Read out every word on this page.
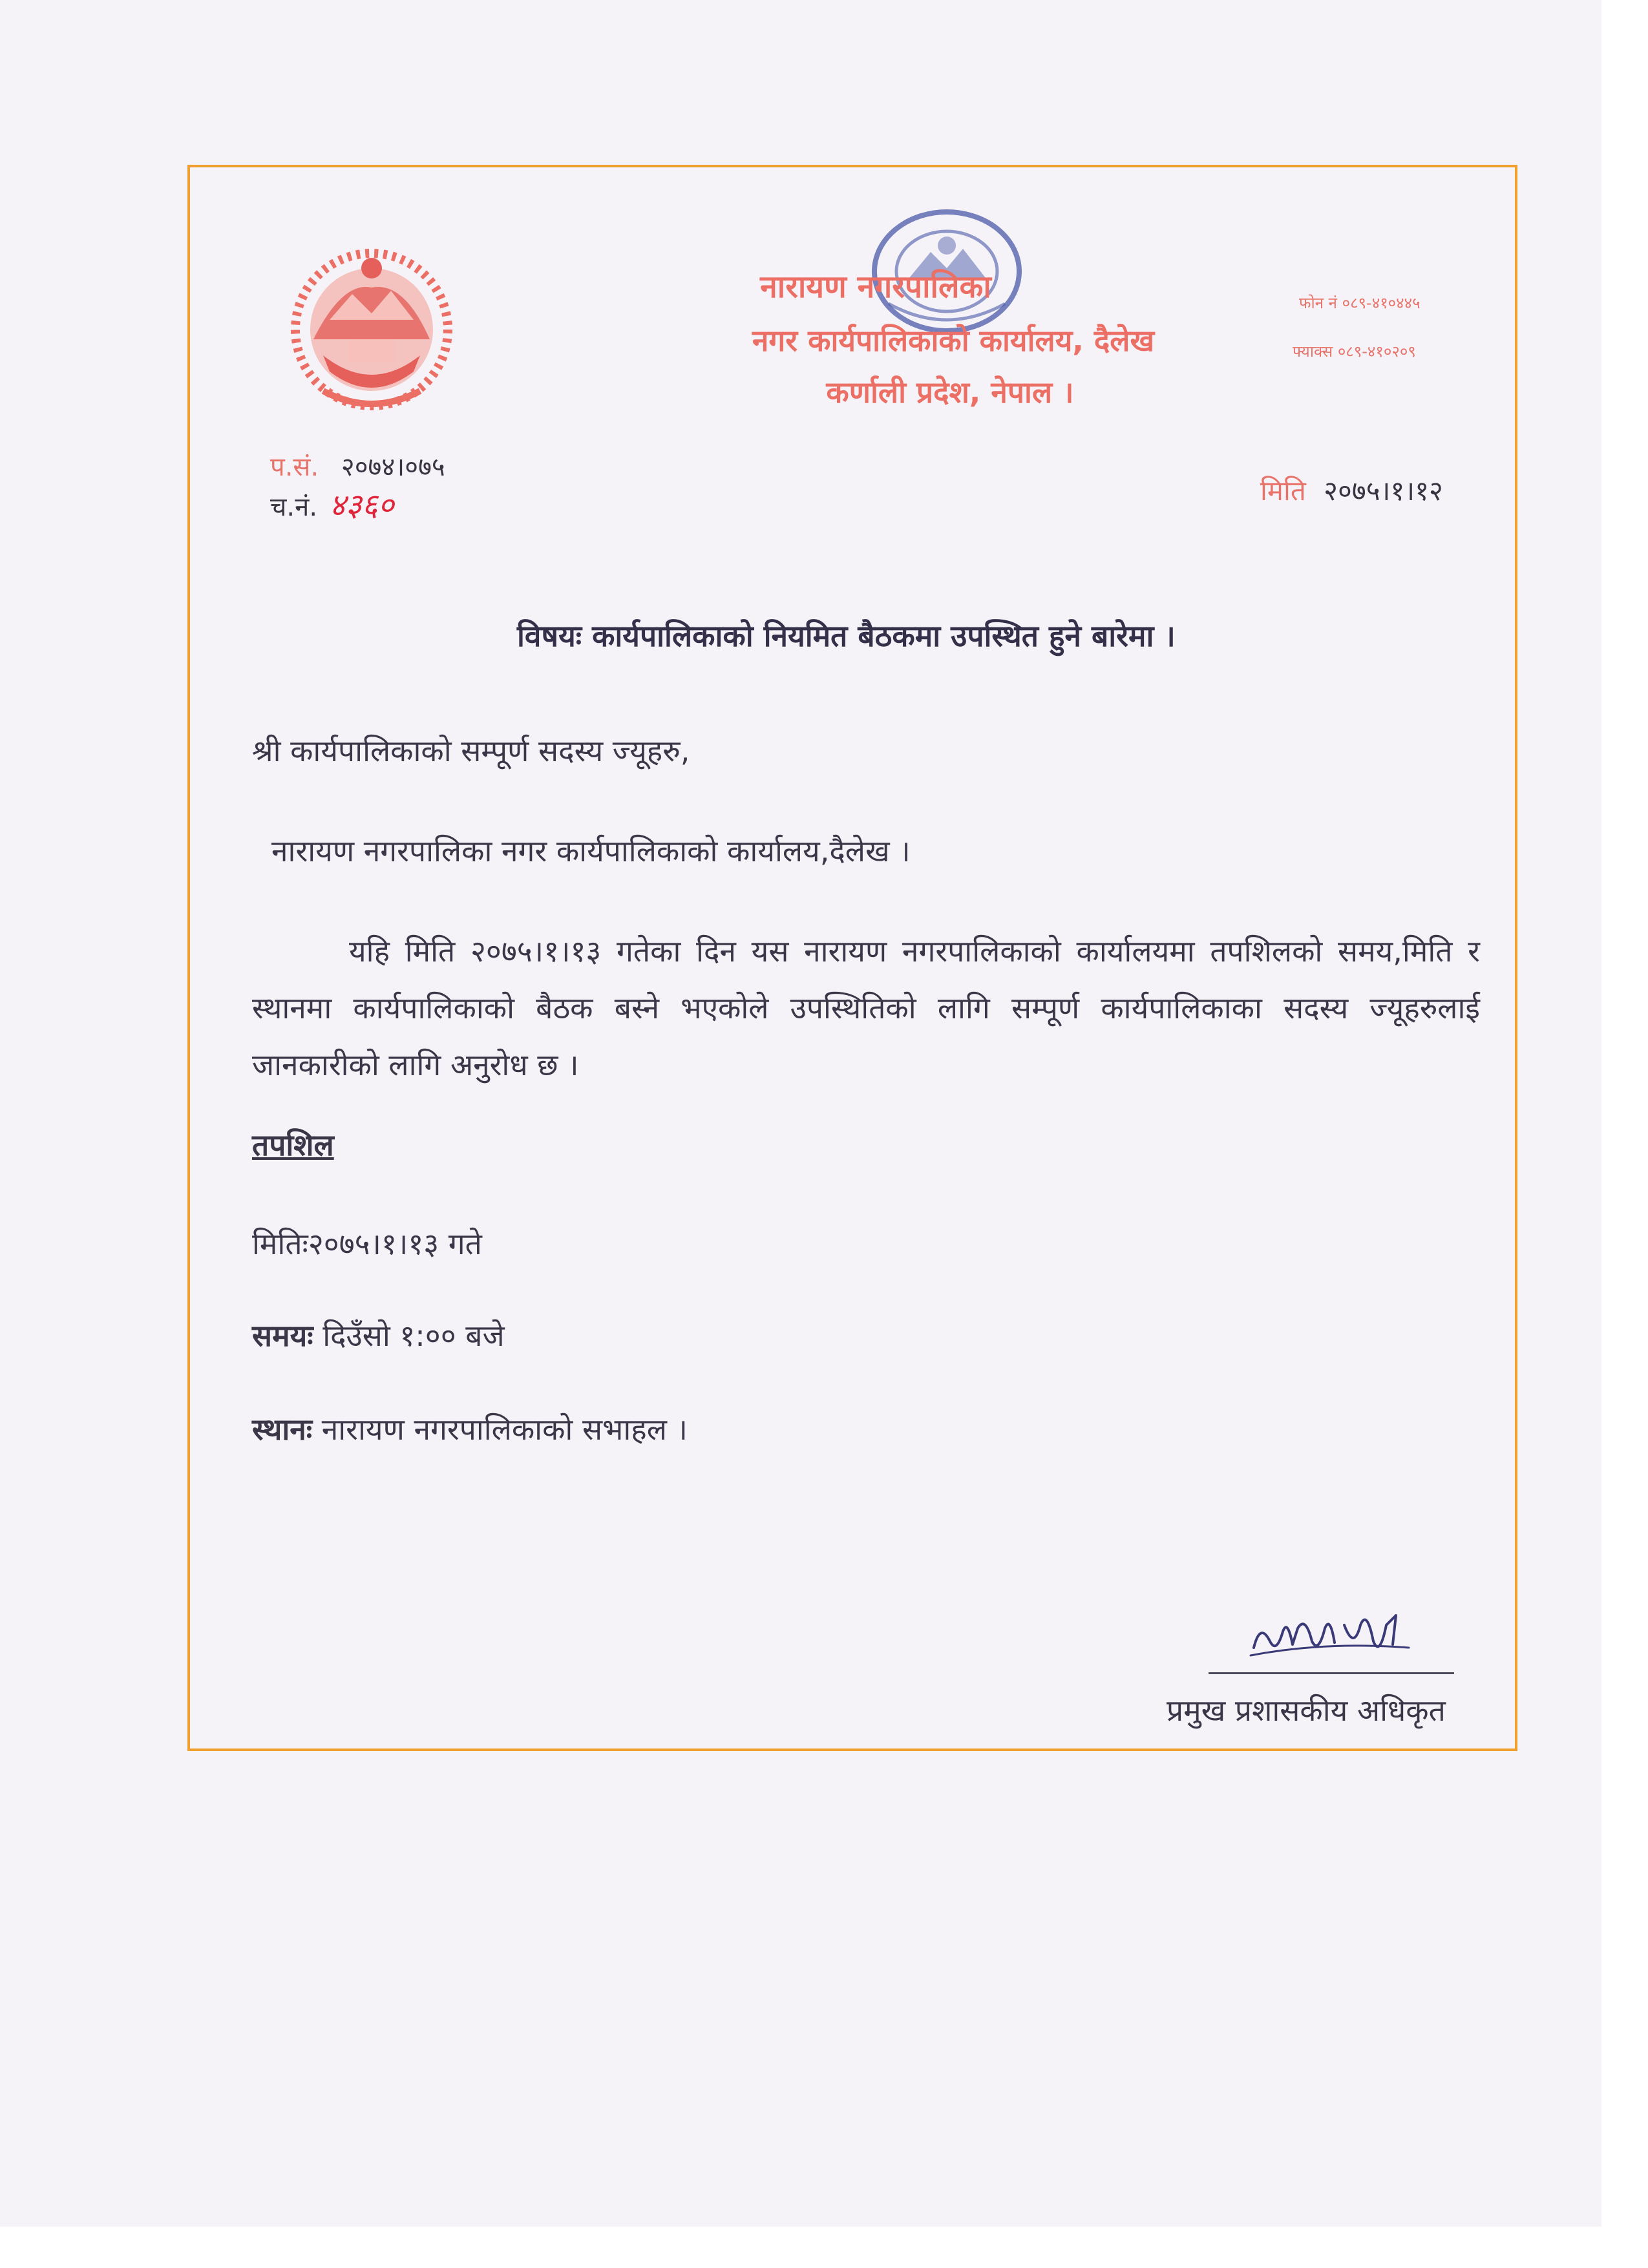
नारायण नगरपालिका
नगर कार्यपालिकाको कार्यालय, दैलेख
कर्णाली प्रदेश, नेपाल ।
फोन नं ०८९-४१०४४५
फ्याक्स ०८९-४१०२०९
प.सं. २०७४।०७५
च.नं. ४३६०	मिति २०७५।१।१२
विषयः कार्यपालिकाको नियमित बैठकमा उपस्थित हुने बारेमा ।
श्री कार्यपालिकाको सम्पूर्ण सदस्य ज्यूहरु,
नारायण नगरपालिका नगर कार्यपालिकाको कार्यालय,दैलेख ।
यहि मिति २०७५।१।१३ गतेका दिन यस नारायण नगरपालिकाको कार्यालयमा तपशिलको समय,मिति र स्थानमा कार्यपालिकाको बैठक बस्ने भएकोले उपस्थितिको लागि सम्पूर्ण कार्यपालिकाका सदस्य ज्यूहरुलाई जानकारीको लागि अनुरोध छ ।
तपशिल
मितिः२०७५।१।१३ गते
समयः दिउँसो १:०० बजे
स्थानः नारायण नगरपालिकाको सभाहल ।
प्रमुख प्रशासकीय अधिकृत
